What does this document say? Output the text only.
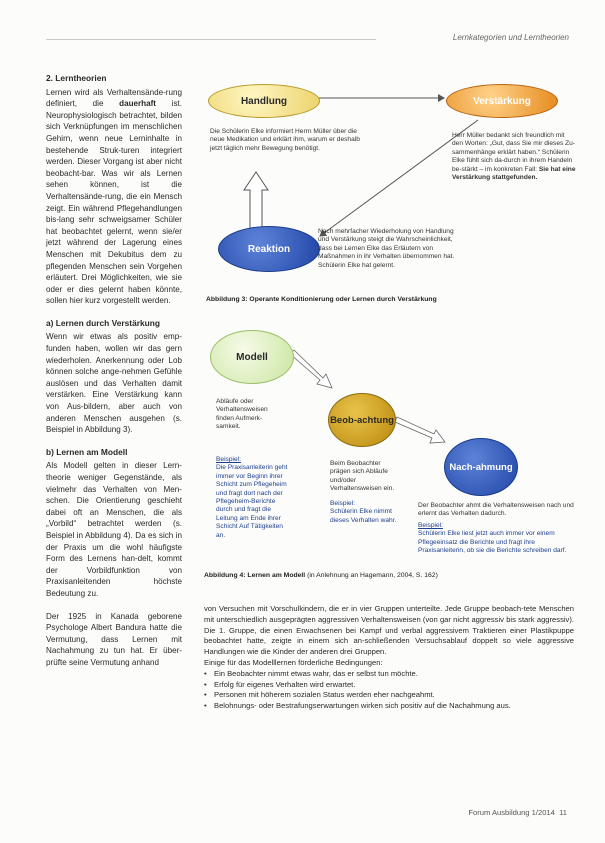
Lernkategorien und Lerntheorien
2. Lerntheorien

Lernen wird als Verhaltensände-rung definiert, die dauerhaft ist. Neurophysiologisch betrachtet, bilden sich Verknüpfungen im menschlichen Gehirn, wenn neue Lerninhalte in bestehende Struk-turen integriert werden. Dieser Vorgang ist aber nicht beobacht-bar. Was wir als Lernen sehen können, ist die Verhaltensände-rung, die ein Mensch zeigt. Ein während Pflegehandlungen bis-lang sehr schweigsamer Schüler hat beobachtet gelernt, wenn sie/er jetzt während der Lagerung eines Menschen mit Dekubitus dem zu pflegenden Menschen sein Vorgehen erläutert. Drei Möglichkeiten, wie sie oder er dies gelernt haben könnte, sollen hier kurz vorgestellt werden.

a) Lernen durch Verstärkung

Wenn wir etwas als positiv emp-funden haben, wollen wir das gern wiederholen. Anerkennung oder Lob können solche ange-nehmen Gefühle auslösen und das Verhalten damit verstärken. Eine Verstärkung kann von Aus-bildern, aber auch von anderen Menschen ausgehen (s. Beispiel in Abbildung 3).

b) Lernen am Modell

Als Modell gelten in dieser Lern-theorie weniger Gegenstände, als vielmehr das Verhalten von Men-schen. Die Orientierung geschieht dabei oft an Menschen, die als „Vorbild“ betrachtet werden (s. Beispiel in Abbildung 4). Da es sich in der Praxis um die wohl häufigste Form des Lernens han-delt, kommt der Vorbildfunktion von Praxisanleitenden höchste Bedeutung zu.

Der 1925 in Kanada geborene Psychologe Albert Bandura hatte die Vermutung, dass Lernen mit Nachahmung zu tun hat. Er über-prüfte seine Vermutung anhand

Handlung	Verstärkung
Reaktion
Die Schülerin Elke informiert Herrn Müller über die neue Medikation und erklärt ihm, warum er deshalb jetzt täglich mehr Bewegung benötigt.
Herr Müller bedankt sich freundlich mit den Worten: „Gut, dass Sie mir dieses Zu-sammenhänge erklärt haben.“ Schülerin Elke fühlt sich da-durch in ihrem Handeln be-stärkt – im konkreten Fall: Sie hat eine Verstärkung stattgefunden.
Nach mehrfacher Wiederholung von Handlung und Verstärkung steigt die Wahrscheinlichkeit, dass bei Lernen Elke das Erläutern von Maßnahmen in ihr Verhalten übernommen hat. Schülerin Elke hat gelernt.
Abbildung 3: Operante Konditionierung oder Lernen durch Verstärkung
Modell
Beob-achtung
Nach-ahmung
Abläufe oder Verhaltensweisen finden Aufmerk-samkeit.
Beispiel:
Die Praxisanleiterin geht immer vor Beginn ihrer Schicht zum Pflegeheim und fragt dort nach der Pflegeheim-Berichte durch und fragt die Leitung am Ende ihrer Schicht Auf Tätigkeiten an.
Beim Beobachter prägen sich Abläufe und/oder Verhaltensweisen ein.
Beispiel:
Schülerin Elke nimmt dieses Verhalten wahr.
Der Beobachter ahmt die Verhaltensweisen nach und erlernt das Verhalten dadurch.
Beispiel:
Schülerin Elke liest jetzt auch immer vor einem Pflegeeinsatz die Berichte und fragt ihre Praxisanleiterin, ob sie die Berichte schreiben darf.
Abbildung 4: Lernen am Modell (in Anlehnung an Hagemann, 2004, S. 162)

von Versuchen mit Vorschulkindern, die er in vier Gruppen unterteilte. Jede Gruppe beobach-tete Menschen mit unterschiedlich ausgeprägten aggressiven Verhaltensweisen (von gar nicht aggressiv bis stark aggressiv). Die 1. Gruppe, die einen Erwachsenen bei Kampf und verbal aggressivem Traktieren einer Plastikpuppe beobachtet hatte, zeigte in einem sich an-schließenden Versuchsablauf doppelt so viele aggressive Handlungen wie die Kinder der anderen drei Gruppen.

Einige für das Modelllernen förderliche Bedingungen:

• Ein Beobachter nimmt etwas wahr, das er selbst tun möchte.
• Erfolg für eigenes Verhalten wird erwartet.
• Personen mit höherem sozialen Status werden eher nachgeahmt.
• Belohnungs- oder Bestrafungserwartungen wirken sich positiv auf die Nachahmung aus.
Forum Ausbildung 1/2014 11
